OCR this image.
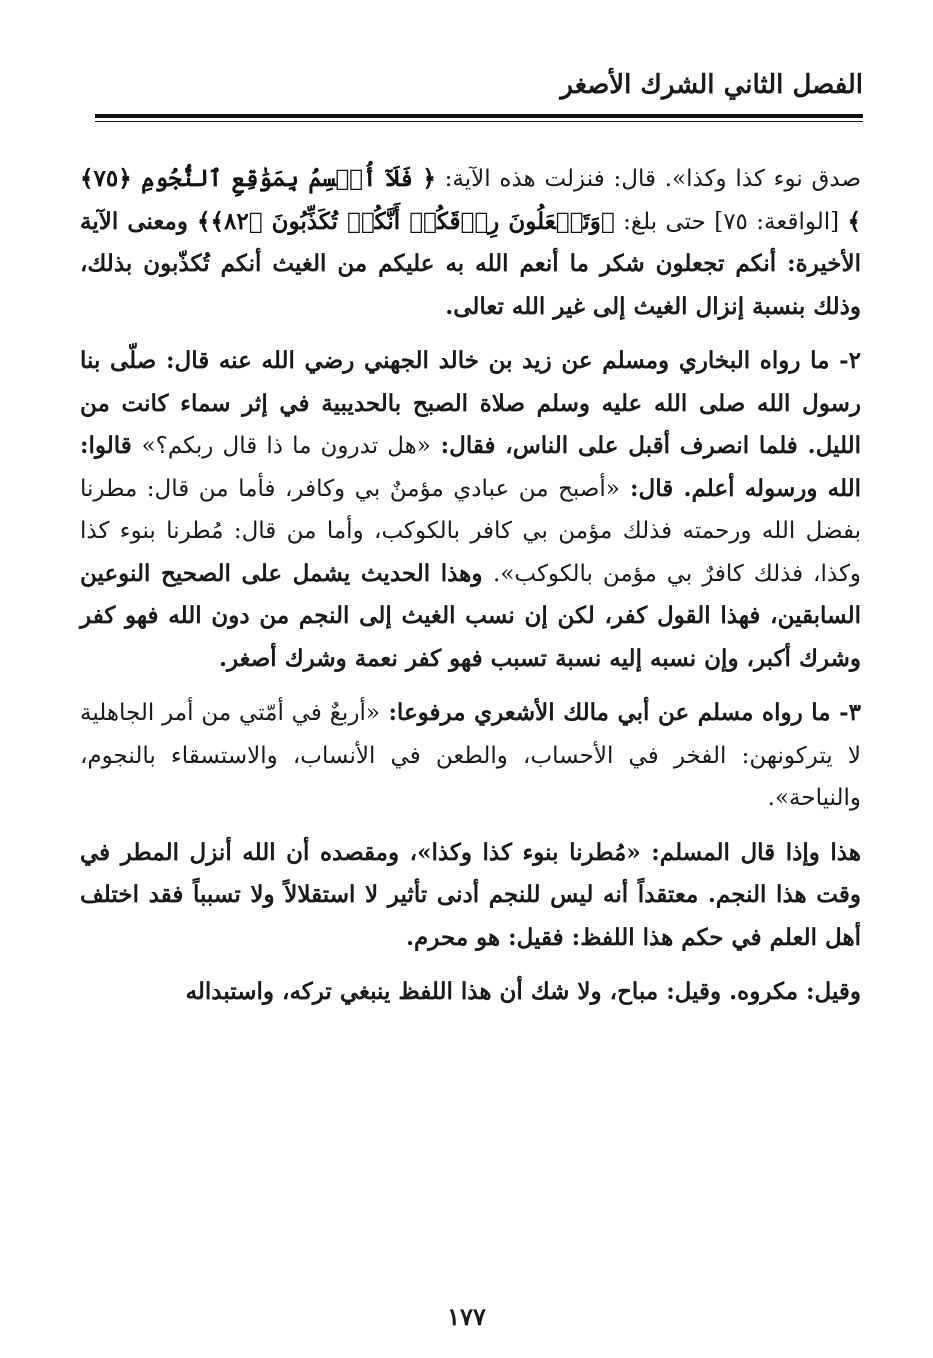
الفصل الثاني الشرك الأصغر

صدق نوء كذا وكذا». قال: فنزلت هذه الآية: ﴿ فَلَآ أُقۡسِمُ بِمَوَٰقِعِ ٱلنُّجُومِ ﴿٧٥﴾ ﴾ [الواقعة: ٧٥] حتى بلغ: ﴿وَتَجۡعَلُونَ رِزۡقَكُمۡ أَنَّكُمۡ تُكَذِّبُونَ ﴿٨٢﴾﴾ ومعنى الآية الأخيرة: أنكم تجعلون شكر ما أنعم الله به عليكم من الغيث أنكم تُكذّبون بذلك، وذلك بنسبة إنزال الغيث إلى غير الله تعالى.

٢- ما رواه البخاري ومسلم عن زيد بن خالد الجهني رضي الله عنه قال: صلّى بنا رسول الله صلى الله عليه وسلم صلاة الصبح بالحديبية في إثر سماء كانت من الليل. فلما انصرف أقبل على الناس، فقال: «هل تدرون ما ذا قال ربكم؟» قالوا: الله ورسوله أعلم. قال: «أصبح من عبادي مؤمنٌ بي وكافر، فأما من قال: مطرنا بفضل الله ورحمته فذلك مؤمن بي كافر بالكوكب، وأما من قال: مُطرنا بنوء كذا وكذا، فذلك كافرٌ بي مؤمن بالكوكب». وهذا الحديث يشمل على الصحيح النوعين السابقين، فهذا القول كفر، لكن إن نسب الغيث إلى النجم من دون الله فهو كفر وشرك أكبر، وإن نسبه إليه نسبة تسبب فهو كفر نعمة وشرك أصغر.

٣- ما رواه مسلم عن أبي مالك الأشعري مرفوعا: «أربعٌ في أمّتي من أمر الجاهلية لا يتركونهن: الفخر في الأحساب، والطعن في الأنساب، والاستسقاء بالنجوم، والنياحة».

هذا وإذا قال المسلم: «مُطرنا بنوء كذا وكذا»، ومقصده أن الله أنزل المطر في وقت هذا النجم. معتقداً أنه ليس للنجم أدنى تأثير لا استقلالاً ولا تسبباً فقد اختلف أهل العلم في حكم هذا اللفظ: فقيل: هو محرم.

وقيل: مكروه. وقيل: مباح، ولا شك أن هذا اللفظ ينبغي تركه، واستبداله

١٧٧
